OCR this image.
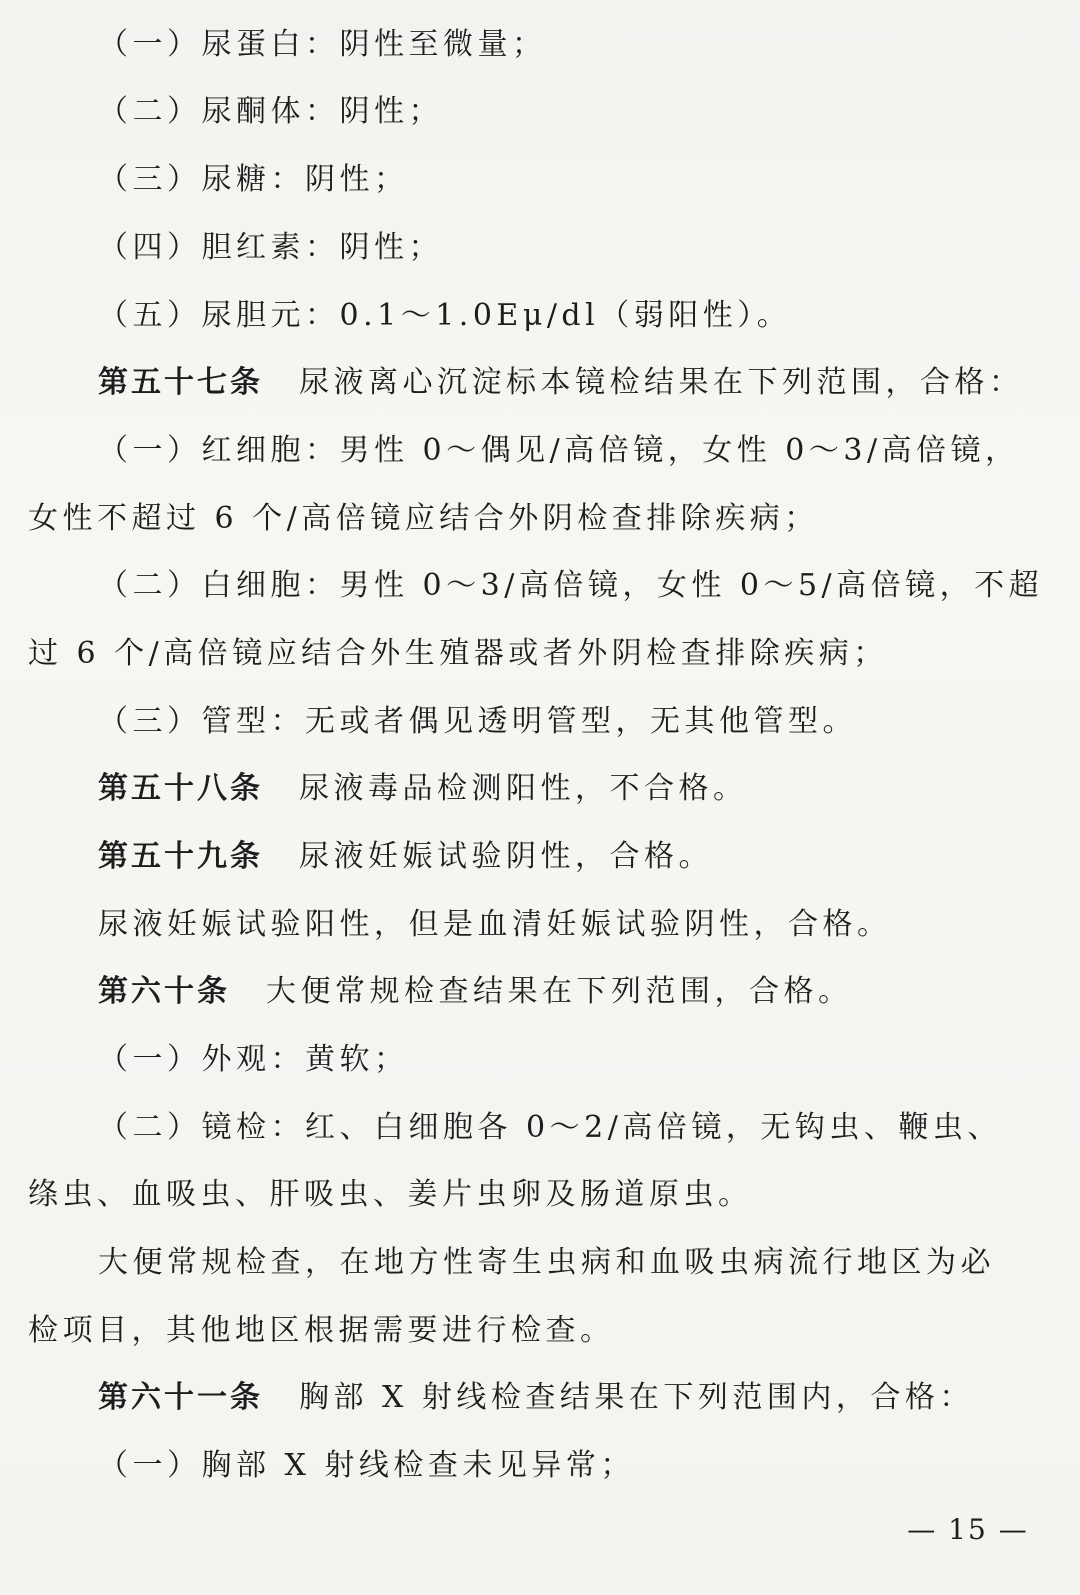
（一）尿蛋白：阴性至微量；
（二）尿酮体：阴性；
（三）尿糖：阴性；
（四）胆红素：阴性；
（五）尿胆元：0.1～1.0Eμ/dl（弱阳性）。
第五十七条 尿液离心沉淀标本镜检结果在下列范围，合格：
（一）红细胞：男性 0～偶见/高倍镜，女性 0～3/高倍镜，
女性不超过 6 个/高倍镜应结合外阴检查排除疾病；
（二）白细胞：男性 0～3/高倍镜，女性 0～5/高倍镜，不超
过 6 个/高倍镜应结合外生殖器或者外阴检查排除疾病；
（三）管型：无或者偶见透明管型，无其他管型。
第五十八条 尿液毒品检测阳性，不合格。
第五十九条 尿液妊娠试验阴性，合格。
尿液妊娠试验阳性，但是血清妊娠试验阴性，合格。
第六十条 大便常规检查结果在下列范围，合格。
（一）外观：黄软；
（二）镜检：红、白细胞各 0～2/高倍镜，无钩虫、鞭虫、
绦虫、血吸虫、肝吸虫、姜片虫卵及肠道原虫。
大便常规检查，在地方性寄生虫病和血吸虫病流行地区为必
检项目，其他地区根据需要进行检查。
第六十一条 胸部 X 射线检查结果在下列范围内，合格：
（一）胸部 X 射线检查未见异常；
— 15 —
